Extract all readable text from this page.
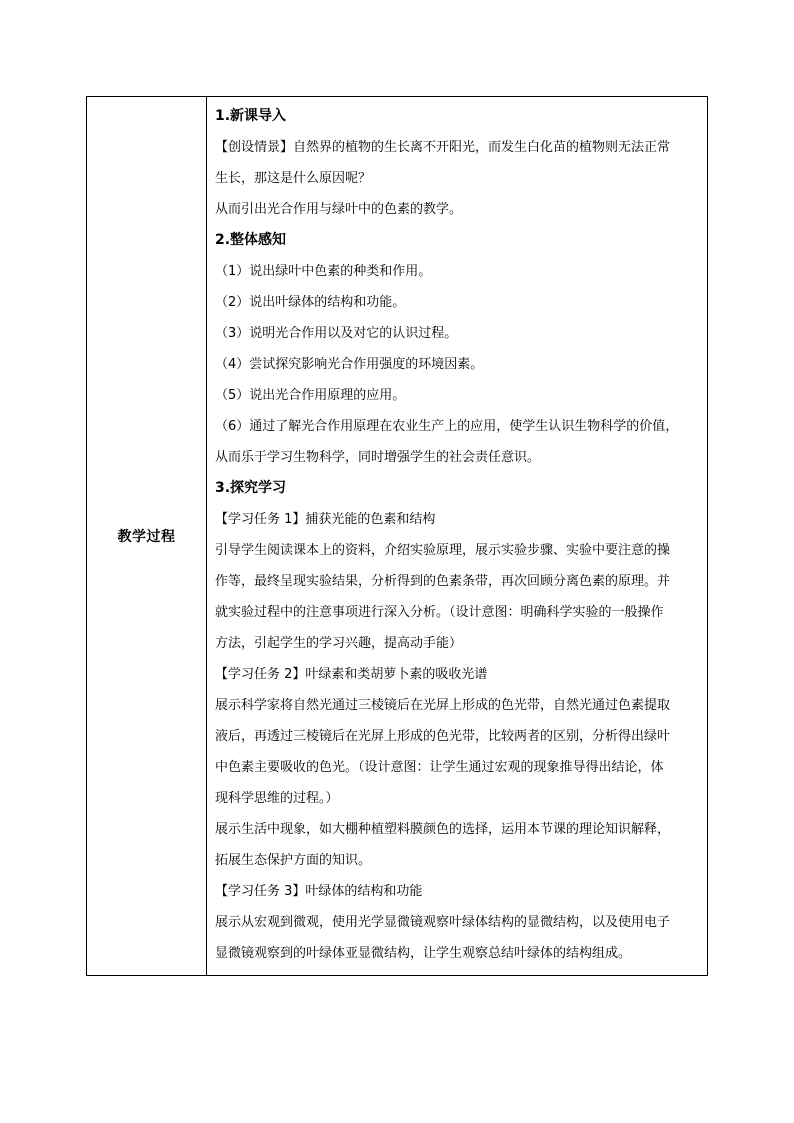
教学过程
1.新课导入
【创设情景】自然界的植物的生长离不开阳光，而发生白化苗的植物则无法正常
生长，那这是什么原因呢？
从而引出光合作用与绿叶中的色素的教学。
2.整体感知
（1）说出绿叶中色素的种类和作用。
（2）说出叶绿体的结构和功能。
（3）说明光合作用以及对它的认识过程。
（4）尝试探究影响光合作用强度的环境因素。
（5）说出光合作用原理的应用。
（6）通过了解光合作用原理在农业生产上的应用，使学生认识生物科学的价值，
从而乐于学习生物科学，同时增强学生的社会责任意识。
3.探究学习
【学习任务 1】捕获光能的色素和结构
引导学生阅读课本上的资料，介绍实验原理，展示实验步骤、实验中要注意的操
作等，最终呈现实验结果，分析得到的色素条带，再次回顾分离色素的原理。并
就实验过程中的注意事项进行深入分析。（设计意图：明确科学实验的一般操作
方法，引起学生的学习兴趣，提高动手能）
【学习任务 2】叶绿素和类胡萝卜素的吸收光谱
展示科学家将自然光通过三棱镜后在光屏上形成的色光带，自然光通过色素提取
液后，再透过三棱镜后在光屏上形成的色光带，比较两者的区别，分析得出绿叶
中色素主要吸收的色光。（设计意图：让学生通过宏观的现象推导得出结论，体
现科学思维的过程。）
展示生活中现象，如大棚种植塑料膜颜色的选择，运用本节课的理论知识解释，
拓展生态保护方面的知识。
【学习任务 3】叶绿体的结构和功能
展示从宏观到微观，使用光学显微镜观察叶绿体结构的显微结构，以及使用电子
显微镜观察到的叶绿体亚显微结构，让学生观察总结叶绿体的结构组成。
